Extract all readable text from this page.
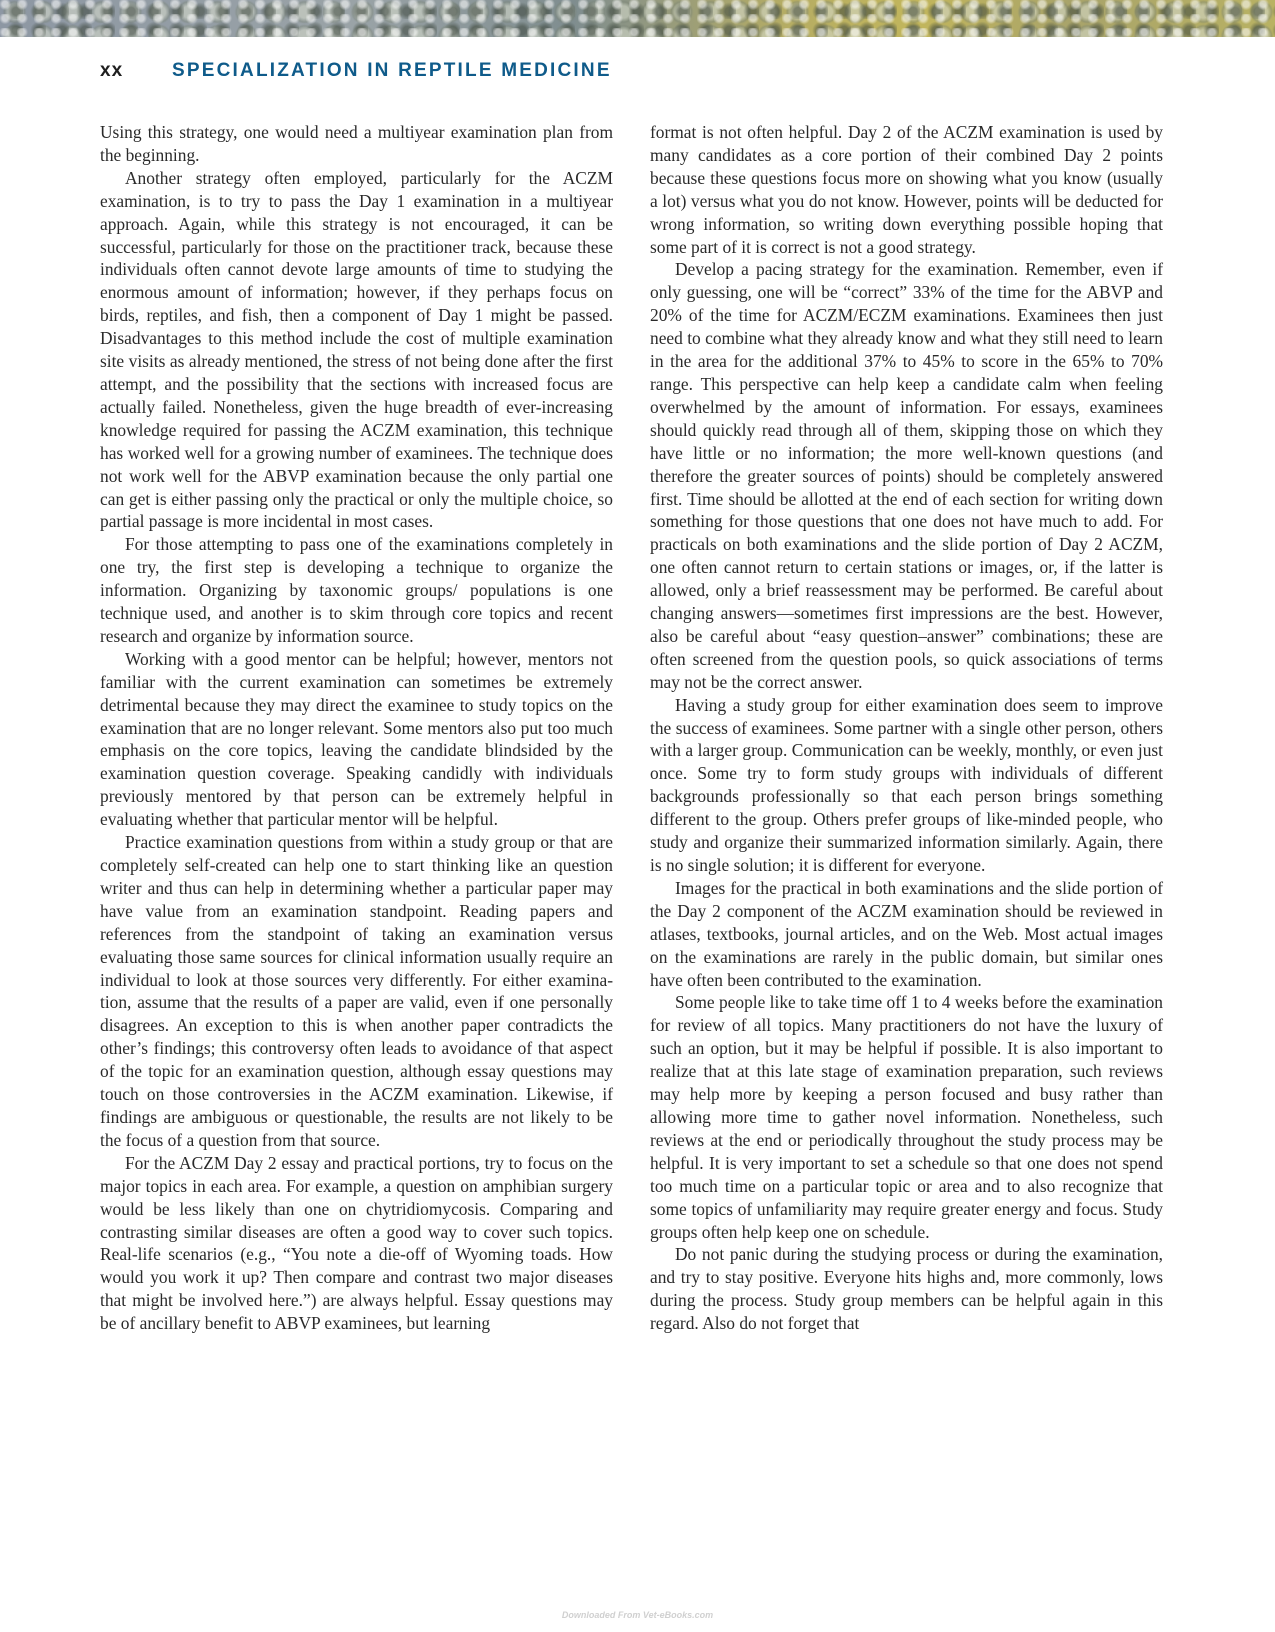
xx	SPECIALIZATION IN REPTILE MEDICINE

Using this strategy, one would need a multiyear examination plan from the beginning.

Another strategy often employed, particularly for the ACZM examination, is to try to pass the Day 1 examination in a multiyear approach. Again, while this strategy is not encouraged, it can be successful, particularly for those on the practitioner track, because these individuals often cannot devote large amounts of time to studying the enormous amount of information; however, if they perhaps focus on birds, reptiles, and fish, then a component of Day 1 might be passed. Disadvantages to this method include the cost of multiple examination site visits as already mentioned, the stress of not being done after the first attempt, and the possibility that the sections with increased focus are actually failed. Nonetheless, given the huge breadth of ever-increasing knowledge required for passing the ACZM examination, this technique has worked well for a growing number of examinees. The technique does not work well for the ABVP examination because the only partial one can get is either passing only the practical or only the multiple choice, so partial passage is more incidental in most cases.

For those attempting to pass one of the examinations completely in one try, the first step is developing a technique to organize the information. Organizing by taxonomic groups/ populations is one technique used, and another is to skim through core topics and recent research and organize by information source.

Working with a good mentor can be helpful; however, mentors not familiar with the current examination can sometimes be extremely detrimental because they may direct the examinee to study topics on the examination that are no longer relevant. Some mentors also put too much emphasis on the core topics, leaving the candidate blindsided by the examination question coverage. Speaking candidly with individuals previously mentored by that person can be extremely helpful in evaluating whether that particular mentor will be helpful.

Practice examination questions from within a study group or that are completely self-created can help one to start thinking like an question writer and thus can help in determining whether a particular paper may have value from an examination standpoint. Reading papers and references from the standpoint of taking an examination versus evaluating those same sources for clinical information usually require an individual to look at those sources very differently. For either examination, assume that the results of a paper are valid, even if one personally disagrees. An exception to this is when another paper contradicts the other’s findings; this controversy often leads to avoidance of that aspect of the topic for an examination question, although essay questions may touch on those controversies in the ACZM examination. Likewise, if findings are ambiguous or questionable, the results are not likely to be the focus of a question from that source.

For the ACZM Day 2 essay and practical portions, try to focus on the major topics in each area. For example, a question on amphibian surgery would be less likely than one on chytridiomycosis. Comparing and contrasting similar diseases are often a good way to cover such topics. Real-life scenarios (e.g., “You note a die-off of Wyoming toads. How would you work it up? Then compare and contrast two major diseases that might be involved here.”) are always helpful. Essay questions may be of ancillary benefit to ABVP examinees, but learning

format is not often helpful. Day 2 of the ACZM examination is used by many candidates as a core portion of their combined Day 2 points because these questions focus more on showing what you know (usually a lot) versus what you do not know. However, points will be deducted for wrong information, so writing down everything possible hoping that some part of it is correct is not a good strategy.

Develop a pacing strategy for the examination. Remember, even if only guessing, one will be “correct” 33% of the time for the ABVP and 20% of the time for ACZM/ECZM examinations. Examinees then just need to combine what they already know and what they still need to learn in the area for the additional 37% to 45% to score in the 65% to 70% range. This perspective can help keep a candidate calm when feeling overwhelmed by the amount of information. For essays, examinees should quickly read through all of them, skipping those on which they have little or no information; the more well-known questions (and therefore the greater sources of points) should be completely answered first. Time should be allotted at the end of each section for writing down something for those questions that one does not have much to add. For practicals on both examinations and the slide portion of Day 2 ACZM, one often cannot return to certain stations or images, or, if the latter is allowed, only a brief reassessment may be performed. Be careful about changing answers—sometimes first impressions are the best. However, also be careful about “easy question–answer” combinations; these are often screened from the question pools, so quick associations of terms may not be the correct answer.

Having a study group for either examination does seem to improve the success of examinees. Some partner with a single other person, others with a larger group. Communication can be weekly, monthly, or even just once. Some try to form study groups with individuals of different backgrounds professionally so that each person brings something different to the group. Others prefer groups of like-minded people, who study and organize their summarized information similarly. Again, there is no single solution; it is different for everyone.

Images for the practical in both examinations and the slide portion of the Day 2 component of the ACZM examination should be reviewed in atlases, textbooks, journal articles, and on the Web. Most actual images on the examinations are rarely in the public domain, but similar ones have often been contributed to the examination.

Some people like to take time off 1 to 4 weeks before the examination for review of all topics. Many practitioners do not have the luxury of such an option, but it may be helpful if possible. It is also important to realize that at this late stage of examination preparation, such reviews may help more by keeping a person focused and busy rather than allowing more time to gather novel information. Nonetheless, such reviews at the end or periodically throughout the study process may be helpful. It is very important to set a schedule so that one does not spend too much time on a particular topic or area and to also recognize that some topics of unfamiliarity may require greater energy and focus. Study groups often help keep one on schedule.

Do not panic during the studying process or during the examination, and try to stay positive. Everyone hits highs and, more commonly, lows during the process. Study group members can be helpful again in this regard. Also do not forget that

Downloaded From Vet-eBooks.com
